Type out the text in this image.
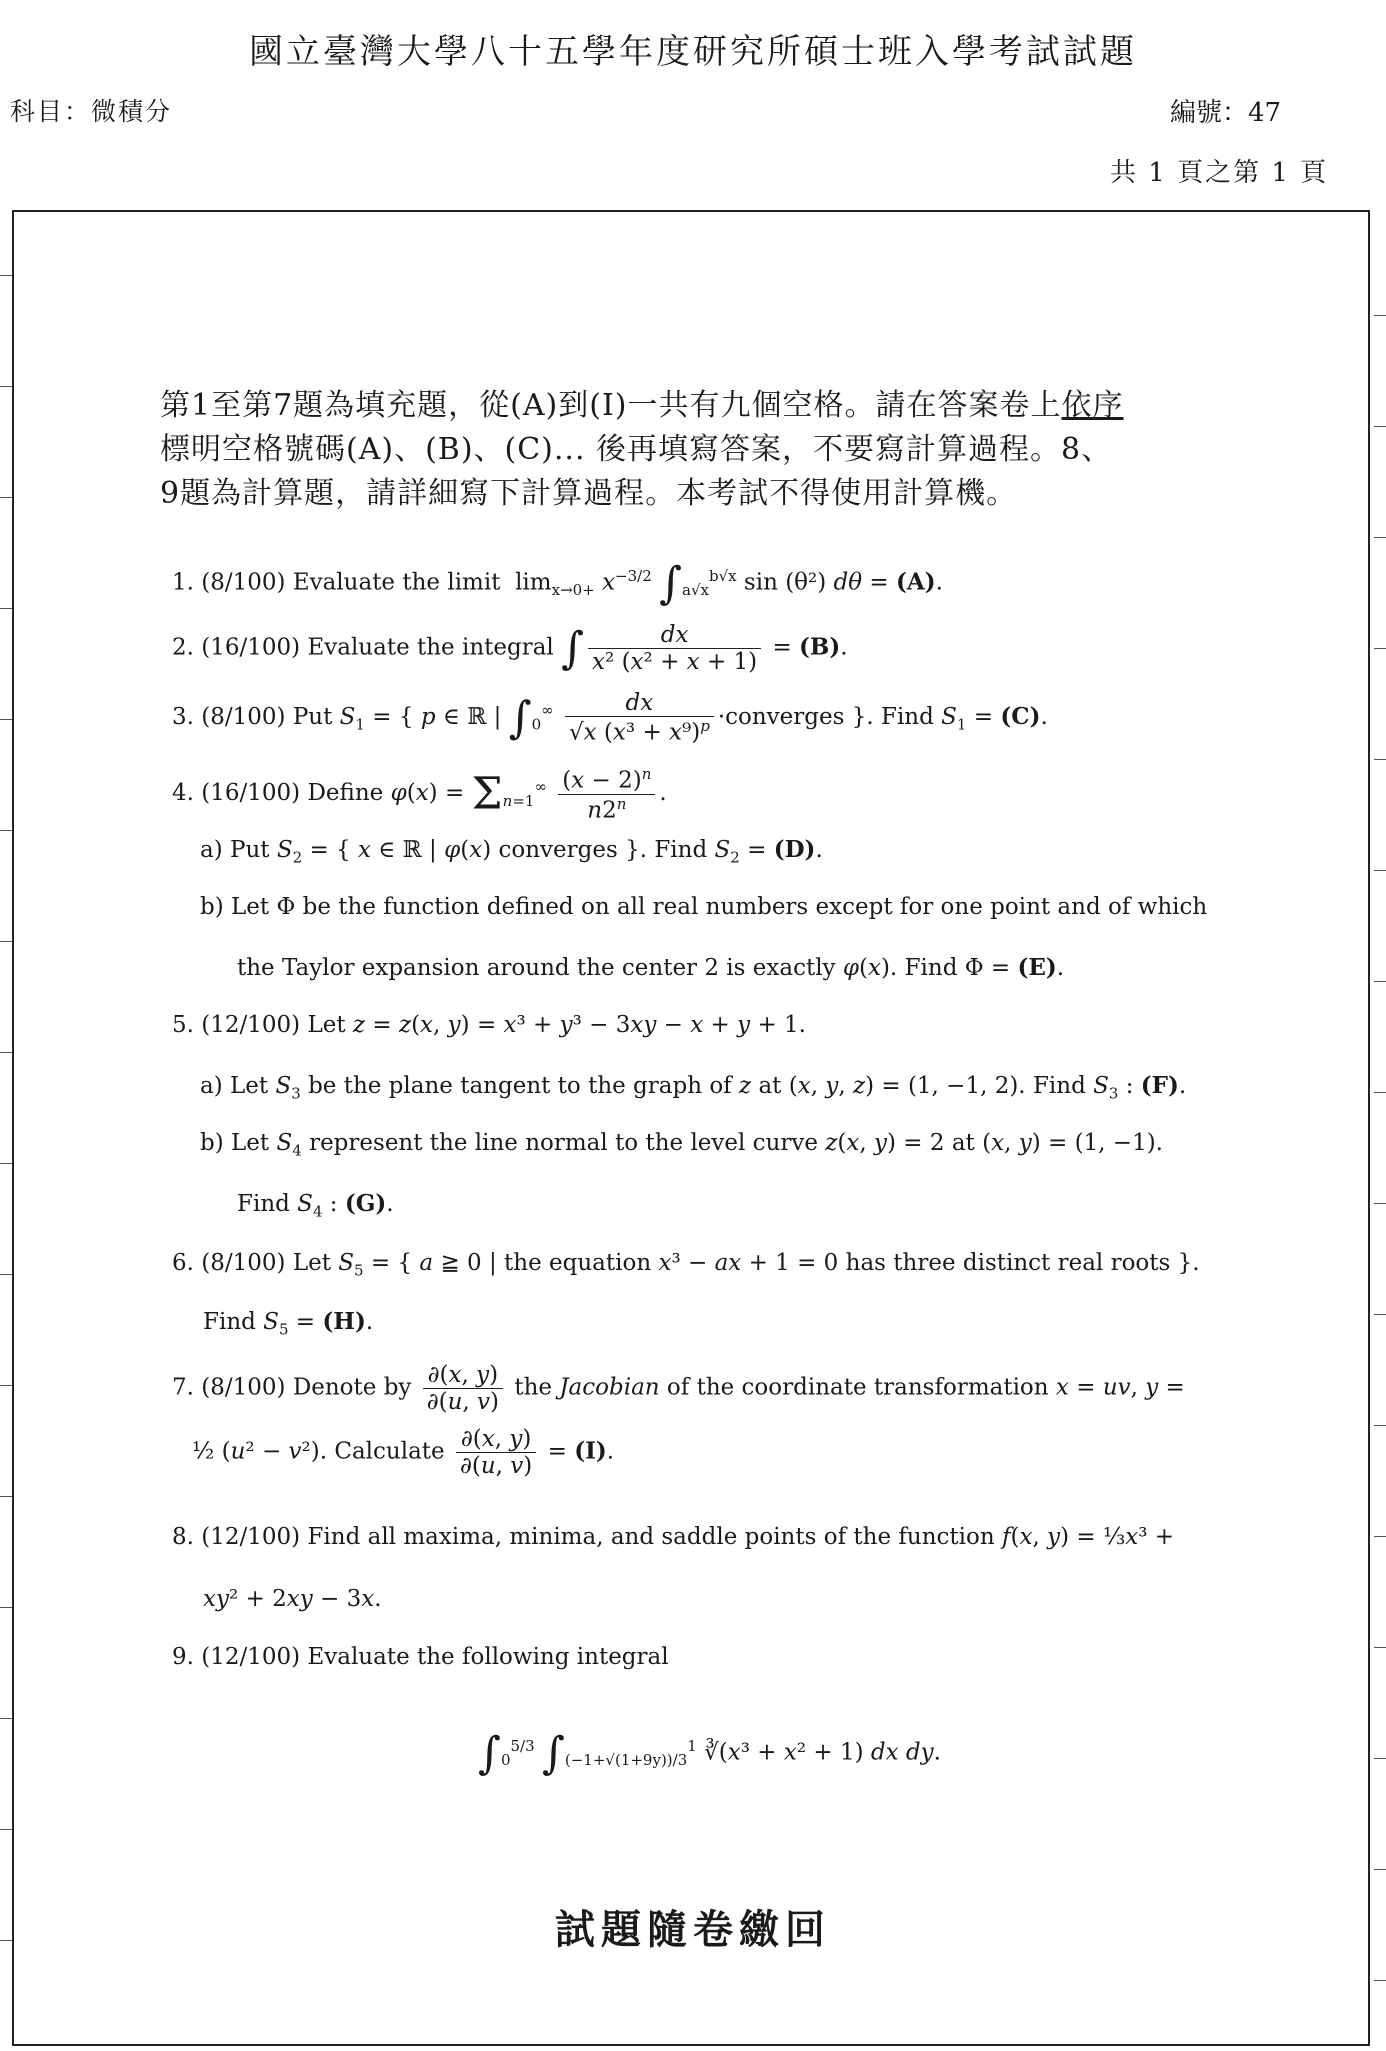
國立臺灣大學八十五學年度研究所碩士班入學考試試題
科目：微積分	編號：47
共 1 頁之第 1 頁
第1至第7題為填充題，從(A)到(I)一共有九個空格。請在答案卷上依序
標明空格號碼(A)、(B)、(C)... 後再填寫答案，不要寫計算過程。8、
9題為計算題，請詳細寫下計算過程。本考試不得使用計算機。
1. (8/100) Evaluate the limit  $\lim_{x\to 0+} x^{-3/2}$ $\int_{a√x}^{b√x}$ sin (θ²) dθ = (A).
2. (16/100) Evaluate the integral ∫ $\frac{dx}{\text{x² (x² + x + 1)}} = (B)$.
3. (8/100) Put $S_1$ = { p ∈ ℝ | $\int_0^\infty \frac{dx}{√x (x^3 + x^9)^p}$ ·converges }. Find $S_1 = (C)$.
4. (16/100) Define $\varphi(x) = \Sigma_{n=1}^\infty \frac{(x - 2)^n}{n2^n}$ .
a) Put $S_2$ = { x ∈ ℝ | φ(x) converges }. Find $S_2 = (D)$.
b) Let Φ be the function defined on all real numbers except for one point and of which
the Taylor expansion around the center 2 is exactly φ(x). Find Φ = (E).
5. (12/100) Let z = z(x, y) = x³ + y³ − 3xy − x + y + 1.
a) Let $S_3$ be the plane tangent to the graph of z at (x, y, z) = (1, −1, 2). Find $S_3$ : (F).
b) Let $S_4$ represent the line normal to the level curve z(x, y) = 2 at (x, y) = (1, −1).
Find $S_4$ : (G).
6. (8/100) Let $S_5$ = { a ≧ 0 | the equation x³ − ax + 1 = 0 has three distinct real roots }.
Find $S_5 = (H)$.
7. (8/100) Denote by $\frac{\partial(x, y)}{\partial(u, v)}$ the Jacobian of the coordinate transformation x = uv, y =
½ (u² − v²). Calculate $\frac{\partial(x, y)}{\partial(u, v)} = (I)$.
8. (12/100) Find all maxima, minima, and saddle points of the function f(x, y) = ⅓x³ +
xy² + 2xy − 3x.
9. (12/100) Evaluate the following integral
$\int_0^{5/3}$ $\int_{(-1+√(1+9y))/3}^1$ ∛(x³ + x² + 1) dx dy.
試題隨卷繳回
